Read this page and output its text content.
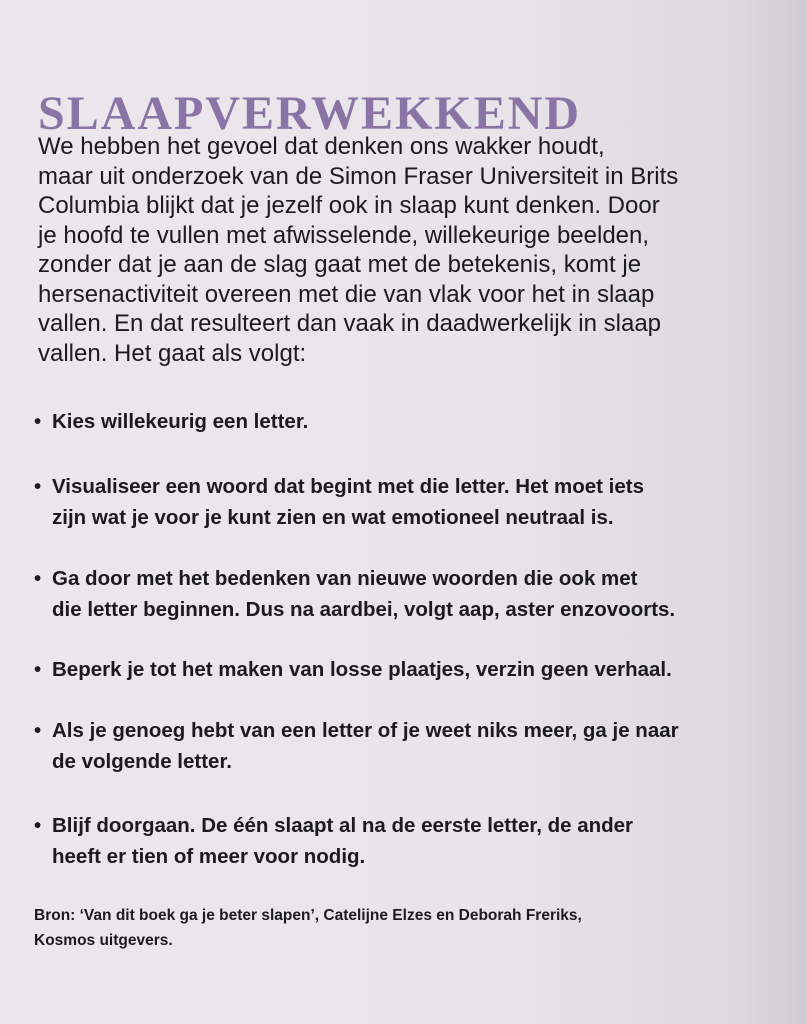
SLAAPVERWEKKEND

We hebben het gevoel dat denken ons wakker houdt,
maar uit onderzoek van de Simon Fraser Universiteit in Brits
Columbia blijkt dat je jezelf ook in slaap kunt denken. Door
je hoofd te vullen met afwisselende, willekeurige beelden,
zonder dat je aan de slag gaat met de betekenis, komt je
hersenactiviteit overeen met die van vlak voor het in slaap
vallen. En dat resulteert dan vaak in daadwerkelijk in slaap
vallen. Het gaat als volgt:

• Kies willekeurig een letter.
• Visualiseer een woord dat begint met die letter. Het moet iets
zijn wat je voor je kunt zien en wat emotioneel neutraal is.
• Ga door met het bedenken van nieuwe woorden die ook met
die letter beginnen. Dus na aardbei, volgt aap, aster enzovoorts.
• Beperk je tot het maken van losse plaatjes, verzin geen verhaal.
• Als je genoeg hebt van een letter of je weet niks meer, ga je naar
de volgende letter.
• Blijf doorgaan. De één slaapt al na de eerste letter, de ander
heeft er tien of meer voor nodig.

Bron: ‘Van dit boek ga je beter slapen’, Catelijne Elzes en Deborah Freriks,
Kosmos uitgevers.
